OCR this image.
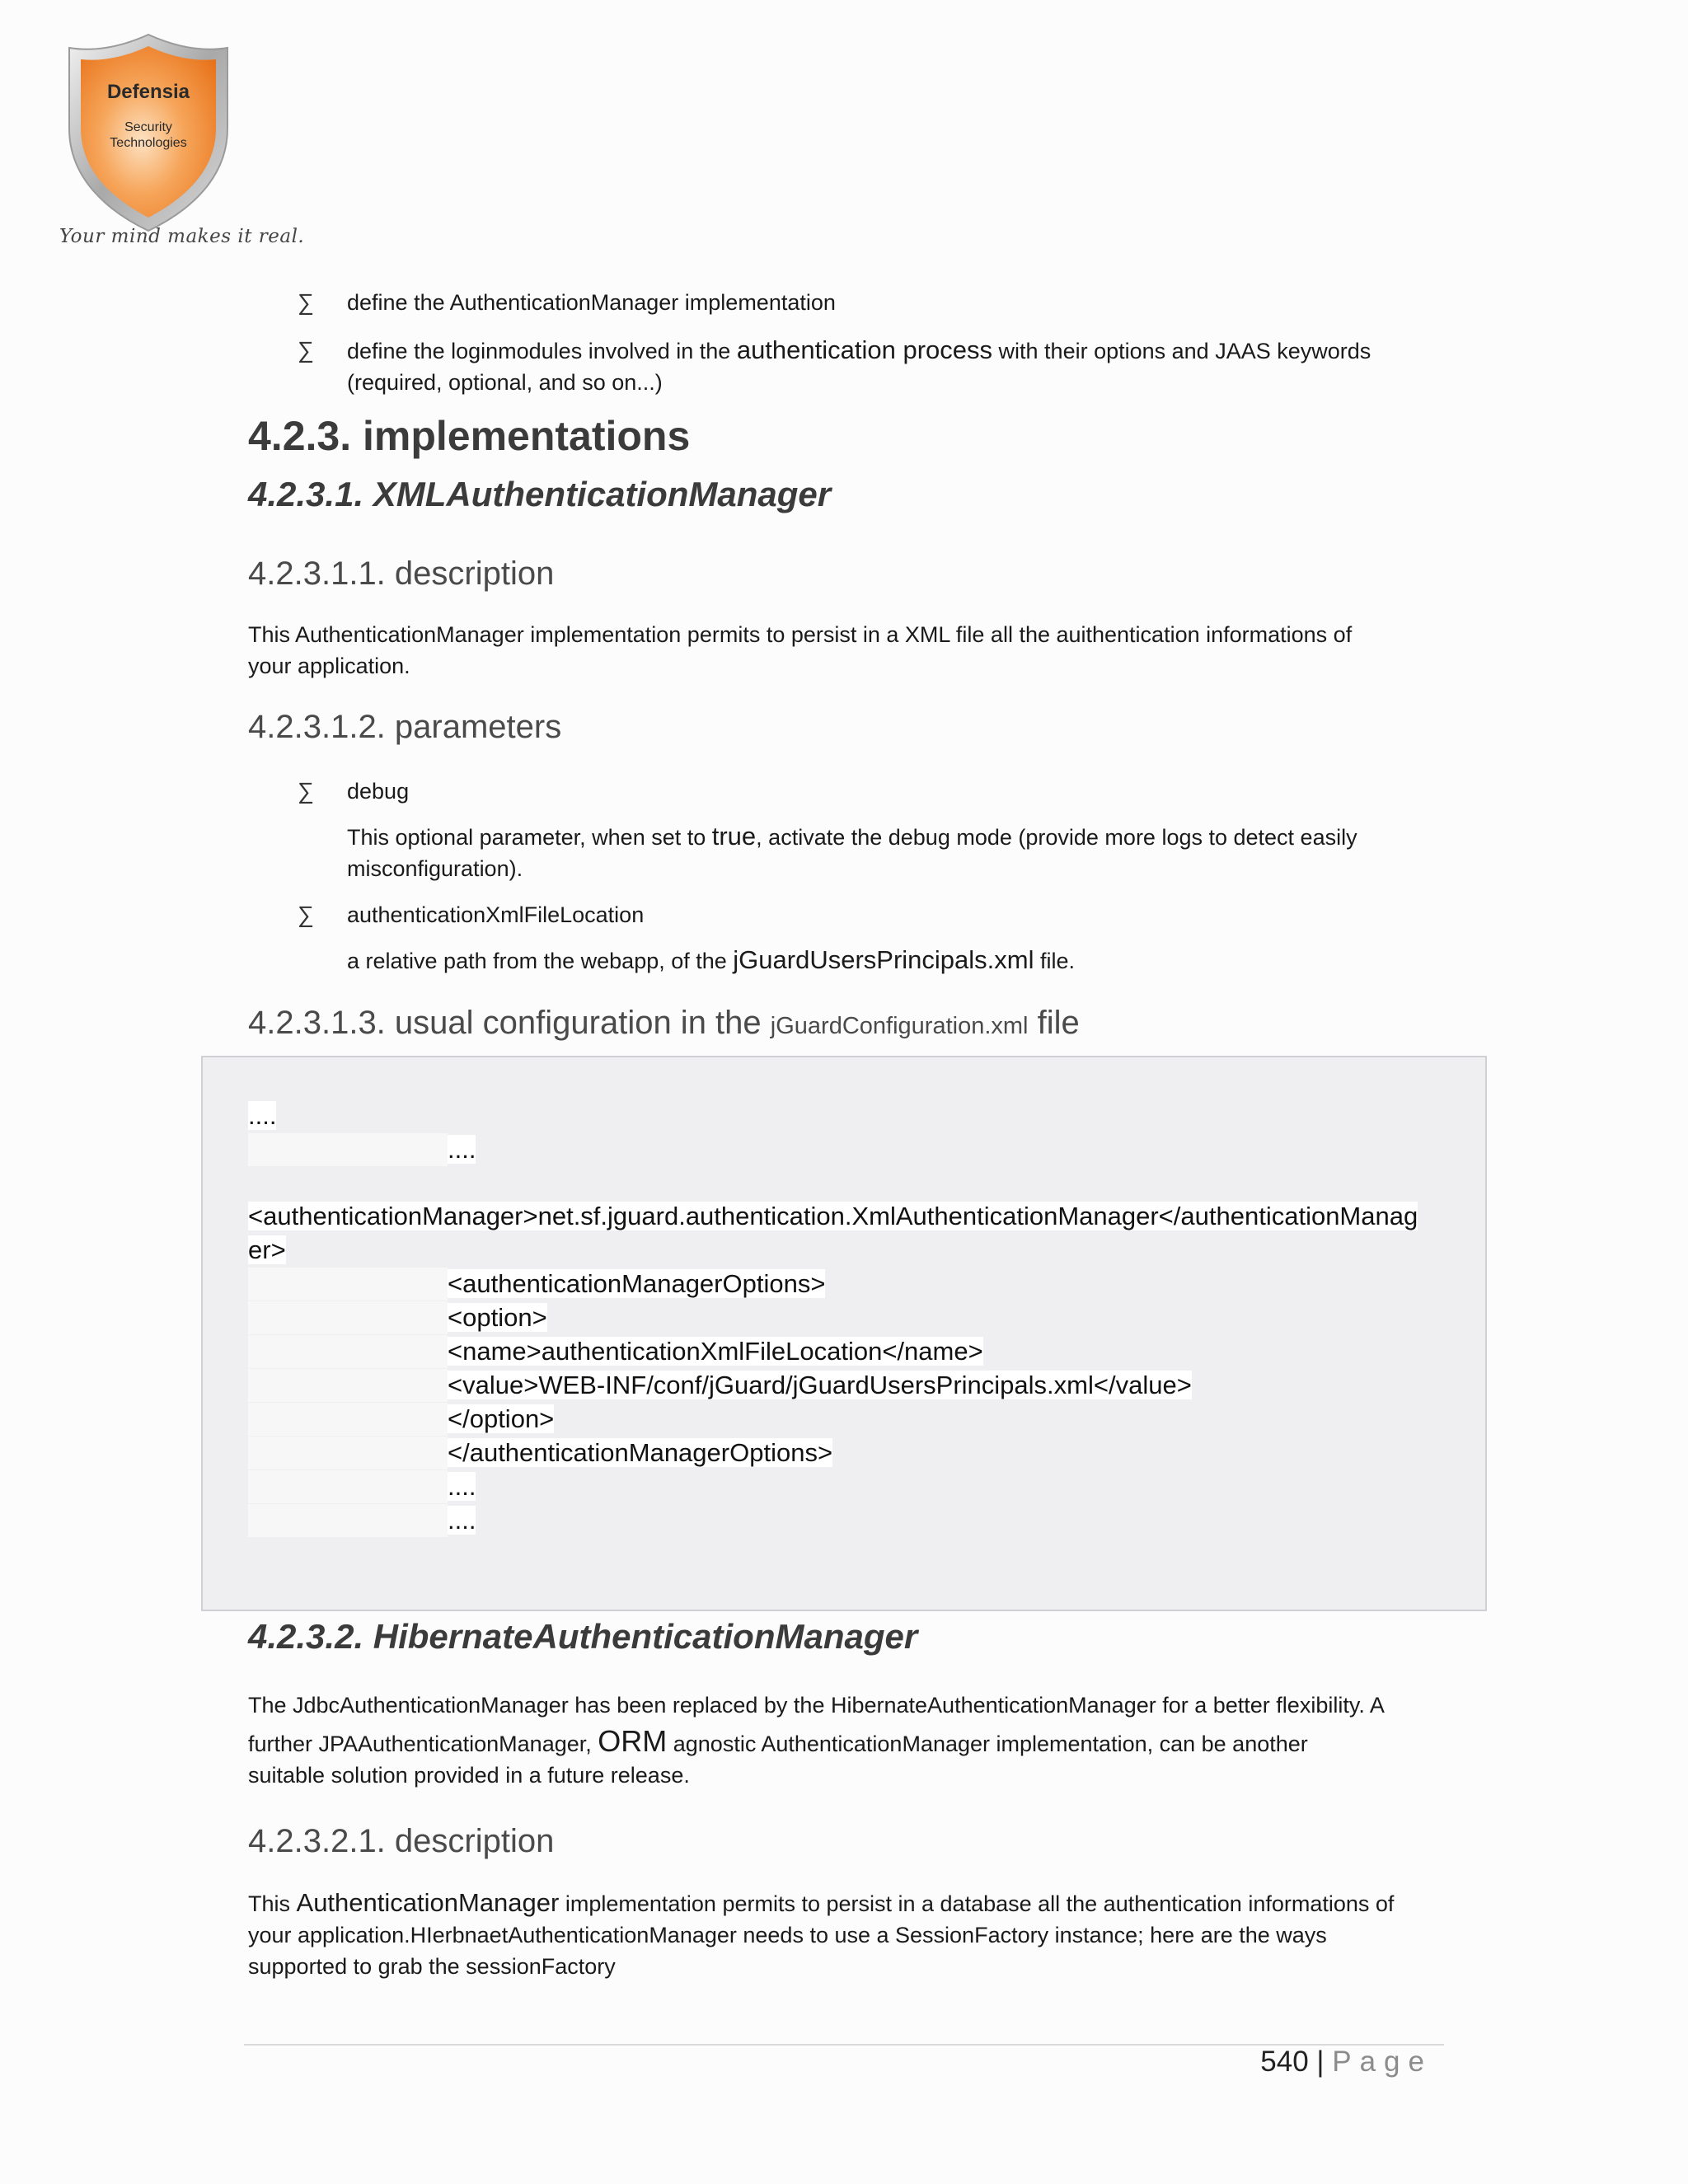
Defensia
Security
Technologies
Your mind makes it real.
∑ define the AuthenticationManager implementation
∑ define the loginmodules involved in the authentication process with their options and JAAS keywords
(required, optional, and so on...)
4.2.3. implementations
4.2.3.1. XMLAuthenticationManager
4.2.3.1.1. description
This AuthenticationManager implementation permits to persist in a XML file all the auithentication informations of
your application.
4.2.3.1.2. parameters
∑ debug
This optional parameter, when set to true, activate the debug mode (provide more logs to detect easily
misconfiguration).
∑ authenticationXmlFileLocation
a relative path from the webapp, of the jGuardUsersPrincipals.xml file.
4.2.3.1.3. usual configuration in the jGuardConfiguration.xml file
....
....
<authenticationManager>net.sf.jguard.authentication.XmlAuthenticationManager</authenticationManag
er>
<authenticationManagerOptions>
<option>
<name>authenticationXmlFileLocation</name>
<value>WEB-INF/conf/jGuard/jGuardUsersPrincipals.xml</value>
</option>
</authenticationManagerOptions>
....
....
4.2.3.2. HibernateAuthenticationManager
The JdbcAuthenticationManager has been replaced by the HibernateAuthenticationManager for a better flexibility. A
further JPAAuthenticationManager, ORM agnostic AuthenticationManager implementation, can be another
suitable solution provided in a future release.
4.2.3.2.1. description
This AuthenticationManager implementation permits to persist in a database all the authentication informations of
your application.HIerbnaetAuthenticationManager needs to use a SessionFactory instance; here are the ways
supported to grab the sessionFactory
540 | Page
